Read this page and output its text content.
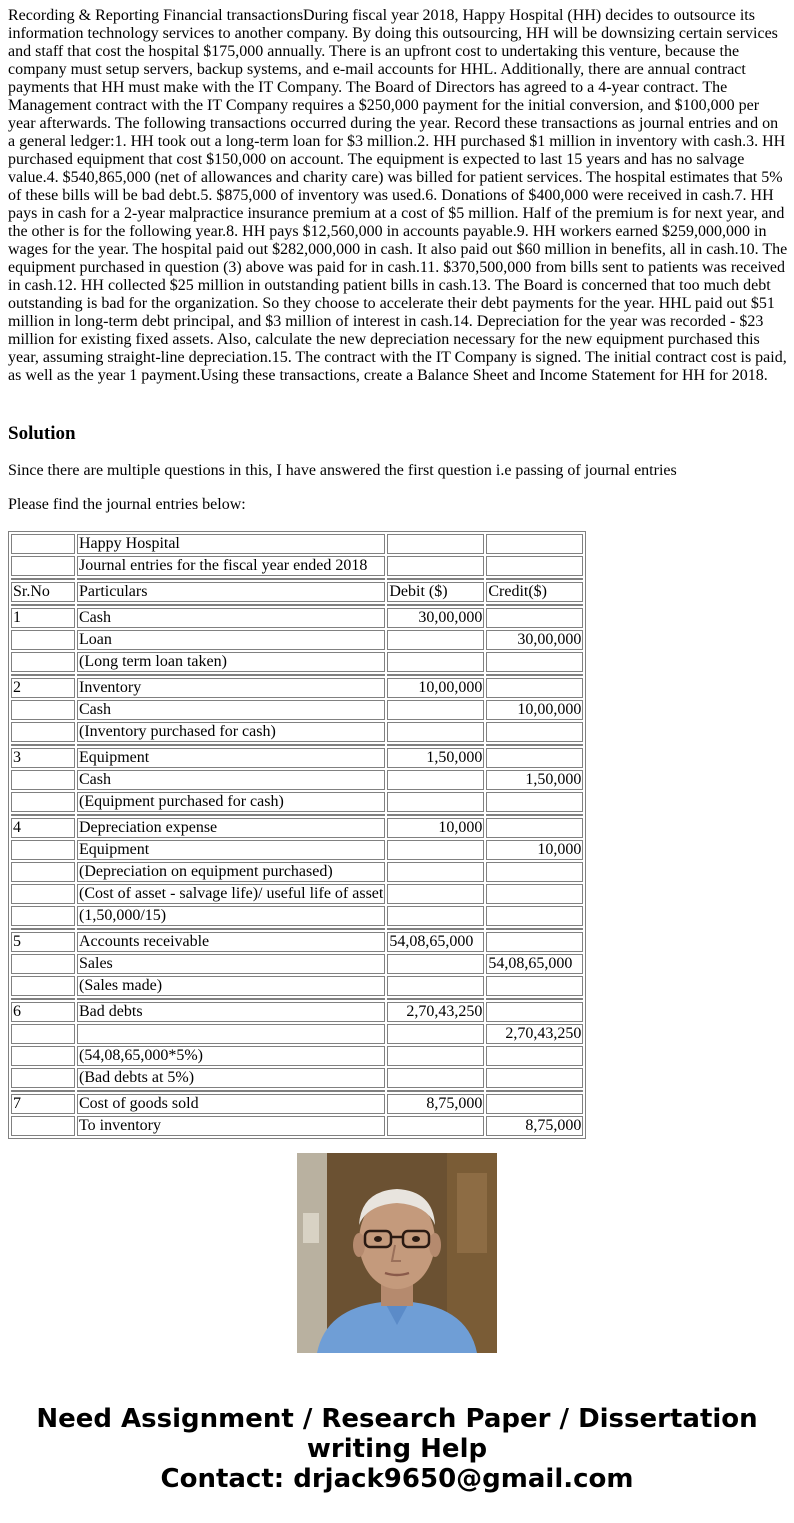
Recording & Reporting Financial transactionsDuring fiscal year 2018, Happy Hospital (HH) decides to outsource its information technology services to another company. By doing this outsourcing, HH will be downsizing certain services and staff that cost the hospital $175,000 annually. There is an upfront cost to undertaking this venture, because the company must setup servers, backup systems, and e-mail accounts for HHL. Additionally, there are annual contract payments that HH must make with the IT Company. The Board of Directors has agreed to a 4-year contract. The Management contract with the IT Company requires a $250,000 payment for the initial conversion, and $100,000 per year afterwards. The following transactions occurred during the year. Record these transactions as journal entries and on a general ledger:1. HH took out a long-term loan for $3 million.2. HH purchased $1 million in inventory with cash.3. HH purchased equipment that cost $150,000 on account. The equipment is expected to last 15 years and has no salvage value.4. $540,865,000 (net of allowances and charity care) was billed for patient services. The hospital estimates that 5% of these bills will be bad debt.5. $875,000 of inventory was used.6. Donations of $400,000 were received in cash.7. HH pays in cash for a 2-year malpractice insurance premium at a cost of $5 million. Half of the premium is for next year, and the other is for the following year.8. HH pays $12,560,000 in accounts payable.9. HH workers earned $259,000,000 in wages for the year. The hospital paid out $282,000,000 in cash. It also paid out $60 million in benefits, all in cash.10. The equipment purchased in question (3) above was paid for in cash.11. $370,500,000 from bills sent to patients was received in cash.12. HH collected $25 million in outstanding patient bills in cash.13. The Board is concerned that too much debt outstanding is bad for the organization. So they choose to accelerate their debt payments for the year. HHL paid out $51 million in long-term debt principal, and $3 million of interest in cash.14. Depreciation for the year was recorded - $23 million for existing fixed assets. Also, calculate the new depreciation necessary for the new equipment purchased this year, assuming straight-line depreciation.15. The contract with the IT Company is signed. The initial contract cost is paid, as well as the year 1 payment.Using these transactions, create a Balance Sheet and Income Statement for HH for 2018.
Solution
Since there are multiple questions in this, I have answered the first question i.e passing of journal entries
Please find the journal entries below:
	Happy Hospital		
	Journal entries for the fiscal year ended 2018		

Sr.No	Particulars	Debit ($)	Credit($)

1	Cash	30,00,000	
	Loan		30,00,000
	(Long term loan taken)		

2	Inventory	10,00,000	
	Cash		10,00,000
	(Inventory purchased for cash)		

3	Equipment	1,50,000	
	Cash		1,50,000
	(Equipment purchased for cash)		

4	Depreciation expense	10,000	
	Equipment		10,000
	(Depreciation on equipment purchased)		
	(Cost of asset - salvage life)/ useful life of asset		
	(1,50,000/15)		

5	Accounts receivable	54,08,65,000	
	Sales		54,08,65,000
	(Sales made)		

6	Bad debts	2,70,43,250	
			2,70,43,250
	(54,08,65,000*5%)		
	(Bad debts at 5%)		

7	Cost of goods sold	8,75,000	
	To inventory		8,75,000
Need Assignment / Research Paper / Dissertation
writing Help
Contact: drjack9650@gmail.com
